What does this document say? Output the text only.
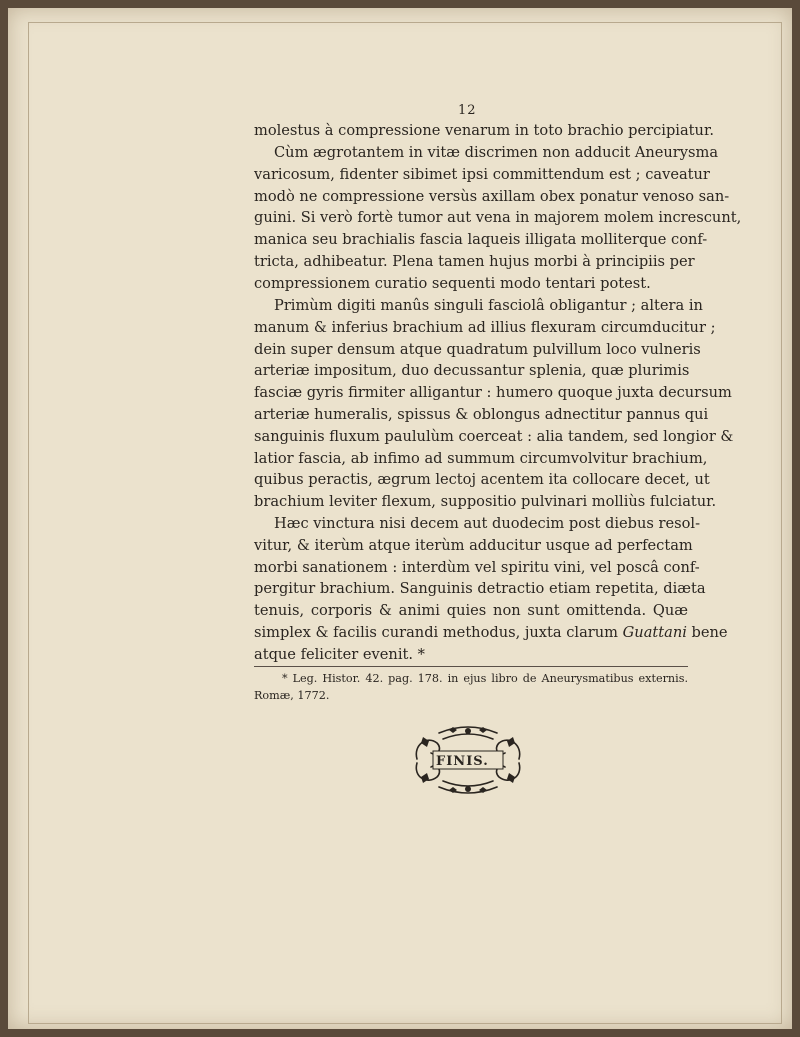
12

molestus à compressione venarum in toto brachio percipiatur.

Cùm ægrotantem in vitæ discrimen non adducit Aneurysma
varicosum, fidenter sibimet ipsi committendum est ; caveatur
modò ne compressione versùs axillam obex ponatur venoso san-
guini. Si verò fortè tumor aut vena in majorem molem increscunt,
manica seu brachialis fascia laqueis illigata molliterque conf-
tricta, adhibeatur. Plena tamen hujus morbi à principiis per
compressionem curatio sequenti modo tentari potest.

Primùm digiti manûs singuli fasciolâ obligantur ; altera in
manum & inferius brachium ad illius flexuram circumducitur ;
dein super densum atque quadratum pulvillum loco vulneris
arteriæ impositum, duo decussantur splenia, quæ plurimis
fasciæ gyris firmiter alligantur : humero quoque juxta decursum
arteriæ humeralis, spissus & oblongus adnectitur pannus qui
sanguinis fluxum paululùm coerceat : alia tandem, sed longior &
latior fascia, ab infimo ad summum circumvolvitur brachium,
quibus peractis, ægrum lectoj acentem ita collocare decet, ut
brachium leviter flexum, suppositio pulvinari molliùs fulciatur.

Hæc vinctura nisi decem aut duodecim post diebus resol-
vitur, & iterùm atque iterùm adducitur usque ad perfectam
morbi sanationem : interdùm vel spiritu vini, vel poscâ conf-
pergitur brachium. Sanguinis detractio etiam repetita, diæta
tenuis, corporis & animi quies non sunt omittenda. Quæ
simplex & facilis curandi methodus, juxta clarum Guattani bene
atque feliciter evenit. *

* Leg. Histor. 42. pag. 178. in ejus libro de Aneurysmatibus externis.
Romæ, 1772.

FINIS.
